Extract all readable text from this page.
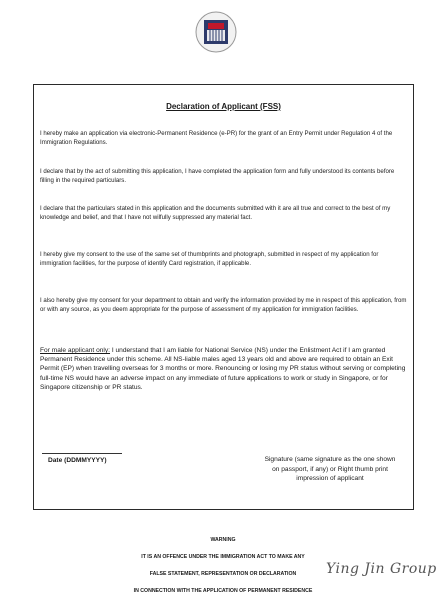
Declaration of Applicant (FSS)
I hereby make an application via electronic-Permanent Residence (e-PR) for the grant of an Entry Permit under Regulation 4 of the Immigration Regulations.
I declare that by the act of submitting this application, I have completed the application form and fully understood its contents before filling in the required particulars.
I declare that the particulars stated in this application and the documents submitted with it are all true and correct to the best of my knowledge and belief, and that I have not wilfully suppressed any material fact.
I hereby give my consent to the use of the same set of thumbprints and photograph, submitted in respect of my application for immigration facilities, for the purpose of identify Card registration, if applicable.
I also hereby give my consent for your department to obtain and verify the information provided by me in respect of this application, from or with any source, as you deem appropriate for the purpose of assessment of my application for immigration facilities.
For male applicant only: I understand that I am liable for National Service (NS) under the Enlistment Act if I am granted Permanent Residence under this scheme. All NS-liable males aged 13 years old and above are required to obtain an Exit Permit (EP) when travelling overseas for 3 months or more. Renouncing or losing my PR status without serving or completing full-time NS would have an adverse impact on any immediate of future applications to work or study in Singapore, or for Singapore citizenship or PR status.
Date (DDMMYYYY)	Signature (same signature as the one shown on passport, if any) or Right thumb print impression of applicant
WARNING
IT IS AN OFFENCE UNDER THE IMMIGRATION ACT TO MAKE ANY
FALSE STATEMENT, REPRESENTATION OR DECLARATION
IN CONNECTION WITH THE APPLICATION OF PERMANENT RESIDENCE
Ying Jin Group
